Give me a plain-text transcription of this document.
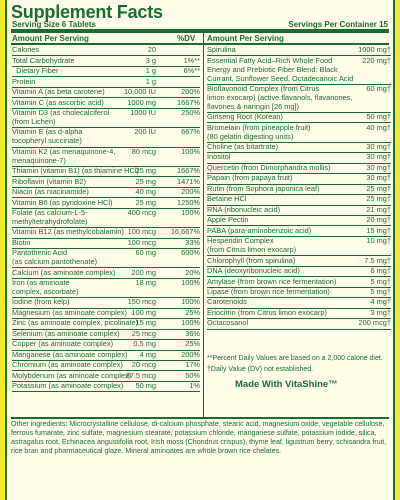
Supplement Facts
Serving Size 6 Tablets	Servings Per Container 15
Amount Per Serving	%DV Amount Per Serving
Calories	20
Total Carbohydrate	3 g	1%**
Dietary Fiber	1 g	6%**
Protein	1 g
Vitamin A (as beta carotene)	10,000 IU	200%
Vitamin C (as ascorbic acid)	1000 mg	1667%
Vitamin D3 (as cholecalciferol
(from Lichen)
1000 IU	250%
Vitamin E (as d-alpha
tocopheryl succinate)
200 IU	667%
Vitamin K2 (as menaquinone-4,
menaquinone-7)
80 mcg	100%
Thiamin (vitamin B1) (as thiamine HCl)
25 mg	1667%
Riboflavin (vitamin B2)	25 mg	1471%
Niacin (as niacinamide)	40 mg	200%
Vitamin B6 (as pyridoxine HCl)	25 mg	1250%
Folate (as calcium-L-5-
methyltetrahydrofolate)
400 mcg	100%
Vitamin B12 (as methylcobalamin) 100 mcg	16,667%
Biotin	100 mcg	33%
Pantothenic Acid
(as calcium pantothenate)
60 mg	600%
Calcium (as aminoate complex)	200 mg	20%
Iron (as aminoate
complex, ascorbate)
18 mg	100%
Iodine (from kelp)	150 mcg	100%
Magnesium (as aminoate complex) 100 mg	25%
Zinc (as aminoate complex, picolinate)
15 mg	100%
Selenium (as aminoate complex)	25 mcg	36%
Copper (as aminoate complex)	0.5 mg	25%
Manganese (as aminoate complex)	4 mg	200%
Chromium (as aminoate complex)	20 mcg	17%
Molybdenum (as aminoate complex)
37.5 mcg	50%
Potassium (as aminoate complex)	50 mg	1%
Spirulina	1000 mg†
Essential Fatty Acid–Rich Whole Food
Energy and Prebiotic Fiber Blend: Black
Currant, Sunflower Seed, Octadecanoic Acid
220 mg†
Bioflavonoid Complex (from Citrus
limon exocarp) (active flavanols, flavanones,
flavones & naringin [26 mg])
60 mg†
Ginseng Root (Korean)	50 mg†
Bromelain (from pineapple fruit)
(80 gelatin digesting units)
40 mg†
Choline (as bitartrate)	30 mg†
Inositol	30 mg†
Quercetin (from Dimorphandra mollis)	30 mg†
Papain (from papaya fruit)	30 mg†
Rutin (from Sophora japonica leaf)	25 mg†
Betaine HCl	25 mg†
RNA (ribonucleic acid)	21 mg†
Apple Pectin	20 mg†
PABA (para-aminobenzoic acid)	15 mg†
Hesperidin Complex
(from Citrus limon exocarp)
10 mg†
Chlorophyll (from spirulina)	7.5 mg†
DNA (deoxyribonucleic acid)	6 mg†
Amylase (from brown rice fermentation)	5 mg†
Lipase (from brown rice fermentation)	5 mg†
Carotenoids	4 mg†
Eriocitrin (from Citrus limon exocarp)	3 mg†
Octacosanol	200 mcg†
**Percent Daily Values are based on a 2,000 calorie diet.
†Daily Value (DV) not established.
Made With VitaShine™
Other ingredients: Microcrystalline cellulose, di-calcium phosphate, stearic acid, magnesium oxide, vegetable cellulose, ferrous fumarate, zinc sulfate, magnesium stearate, potassium chloride, manganese sulfate, potassium iodide, silica, astragalus root, Echinacea angustifolia root, Irish moss (Chondrus crispus), thyme leaf, ligustrum berry, schisandra fruit, rice bran and pharmaceutical glaze. Mineral aminoates are whole brown rice chelates.
